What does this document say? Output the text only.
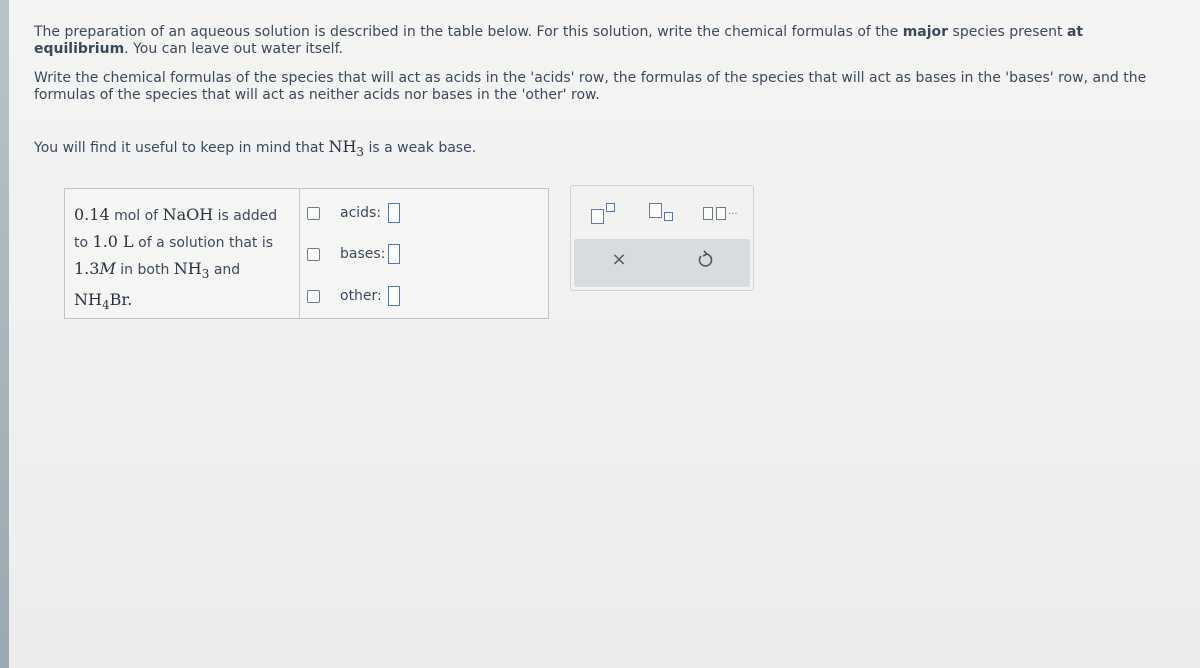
The preparation of an aqueous solution is described in the table below. For this solution, write the chemical formulas of the major species present at equilibrium. You can leave out water itself.

Write the chemical formulas of the species that will act as acids in the 'acids' row, the formulas of the species that will act as bases in the 'bases' row, and the formulas of the species that will act as neither acids nor bases in the 'other' row.

You will find it useful to keep in mind that $NH_3$ is a weak base.

0.14 mol of NaOH is added
to 1.0 L of a solution that is
1.3M in both $NH_3$ and
$NH_4Br$.
acids:
bases:
other:
...
×
